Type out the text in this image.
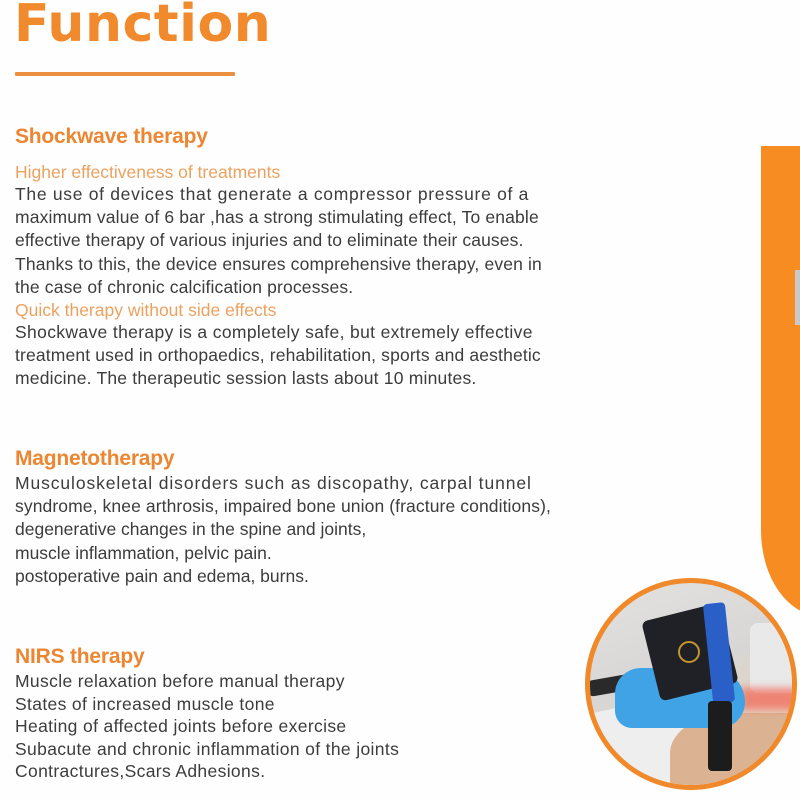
Function
Shockwave therapy
Higher effectiveness of treatments
The use of devices that generate a compressor pressure of a
maximum value of 6 bar ,has a strong stimulating effect, To enable
effective therapy of various injuries and to eliminate their causes.
Thanks to this, the device ensures comprehensive therapy, even in
the case of chronic calcification processes.
Quick therapy without side effects
Shockwave therapy is a completely safe, but extremely effective
treatment used in orthopaedics, rehabilitation, sports and aesthetic
medicine. The therapeutic session lasts about 10 minutes.
Magnetotherapy
Musculoskeletal disorders such as discopathy, carpal tunnel
syndrome, knee arthrosis, impaired bone union (fracture conditions),
degenerative changes in the spine and joints,
muscle inflammation, pelvic pain.
postoperative pain and edema, burns.
NIRS therapy
Muscle relaxation before manual therapy
States of increased muscle tone
Heating of affected joints before exercise
Subacute and chronic inflammation of the joints
Contractures,Scars Adhesions.
